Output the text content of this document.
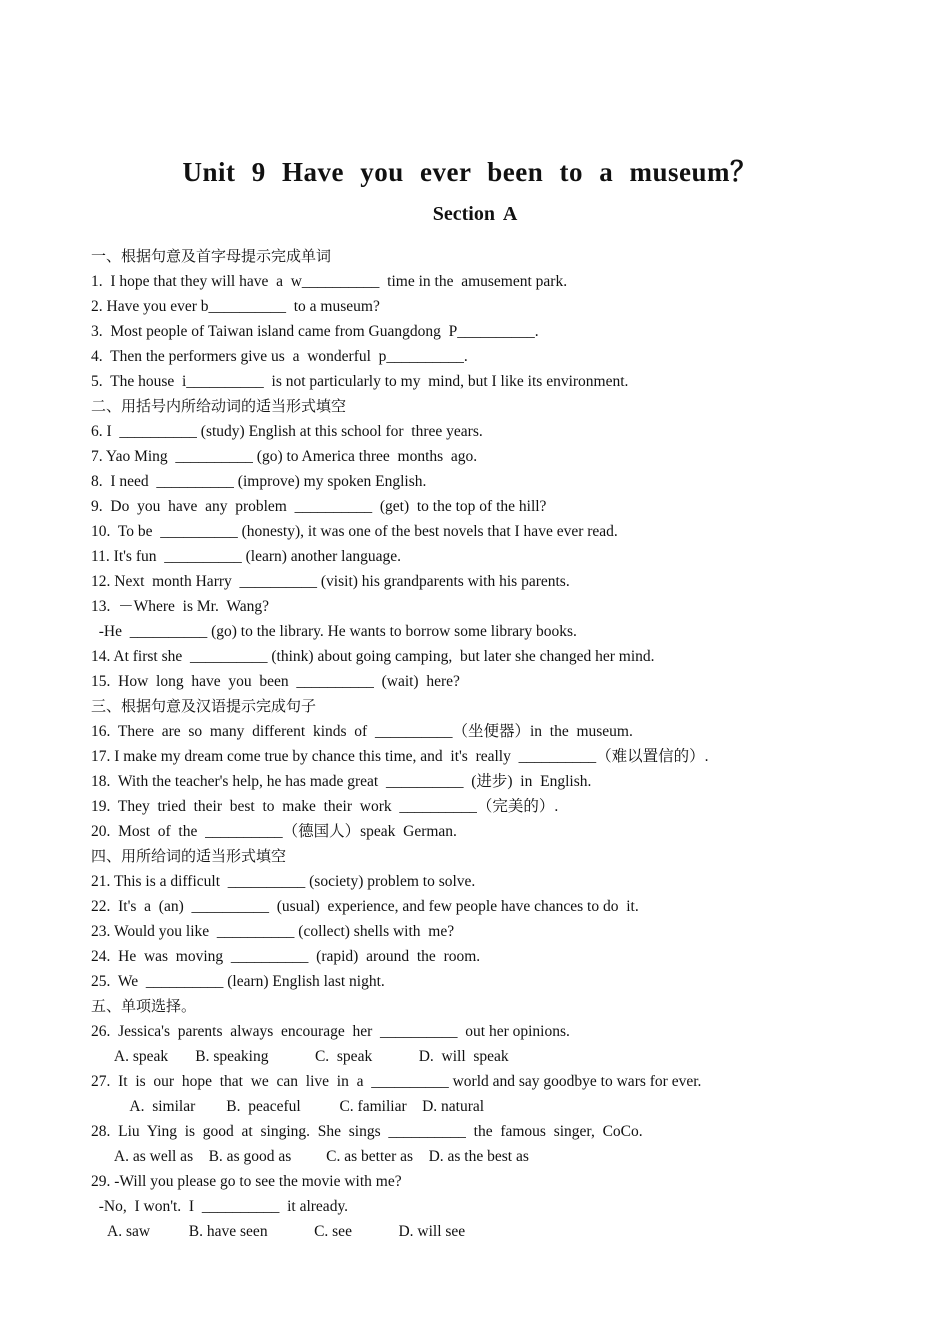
Unit 9 Have you ever been to a museum？
Section A
一、根据句意及首字母提示完成单词
1.  I hope that they will have  a  w__________  time in the  amusement park.
2. Have you ever b__________  to a museum?
3.  Most people of Taiwan island came from Guangdong  P__________.
4.  Then the performers give us  a  wonderful  p__________.
5.  The house  i__________  is not particularly to my  mind, but I like its environment.
二、用括号内所给动词的适当形式填空
6. I  __________ (study) English at this school for  three years.
7. Yao Ming  __________ (go) to America three  months  ago.
8.  I need  __________ (improve) my spoken English.
9.  Do  you  have  any  problem  __________  (get)  to the top of the hill?
10.  To be  __________ (honesty), it was one of the best novels that I have ever read.
11. It's fun  __________ (learn) another language.
12. Next  month Harry  __________ (visit) his grandparents with his parents.
13.  －Where  is Mr.  Wang?
-He  __________ (go) to the library. He wants to borrow some library books.
14. At first she  __________ (think) about going camping,  but later she changed her mind.
15.  How  long  have  you  been  __________  (wait)  here?
三、根据句意及汉语提示完成句子
16.  There  are  so  many  different  kinds  of  __________（坐便器）in  the  museum.
17. I make my dream come true by chance this time, and  it's  really  __________（难以置信的）.
18.  With the teacher's help, he has made great  __________  (进步)  in  English.
19.  They  tried  their  best  to  make  their  work  __________（完美的）.
20.  Most  of  the  __________（德国人）speak  German.
四、用所给词的适当形式填空
21. This is a difficult  __________ (society) problem to solve.
22.  It's  a  (an)  __________  (usual)  experience, and few people have chances to do  it.
23. Would you like  __________ (collect) shells with  me?
24.  He  was  moving  __________  (rapid)  around  the  room.
25.  We  __________ (learn) English last night.
五、单项选择。
26.  Jessica's  parents  always  encourage  her  __________  out her opinions.
A. speak       B. speaking            C.  speak            D.  will  speak
27.  It  is  our  hope  that  we  can  live  in  a  __________ world and say goodbye to wars for ever.
A.  similar        B.  peaceful          C. familiar    D. natural
28.  Liu  Ying  is  good  at  singing.  She  sings  __________  the  famous  singer,  CoCo.
A. as well as    B. as good as         C. as better as    D. as the best as
29. -Will you please go to see the movie with me?
-No,  I won't.  I  __________  it already.
A. saw          B. have seen            C. see            D. will see
